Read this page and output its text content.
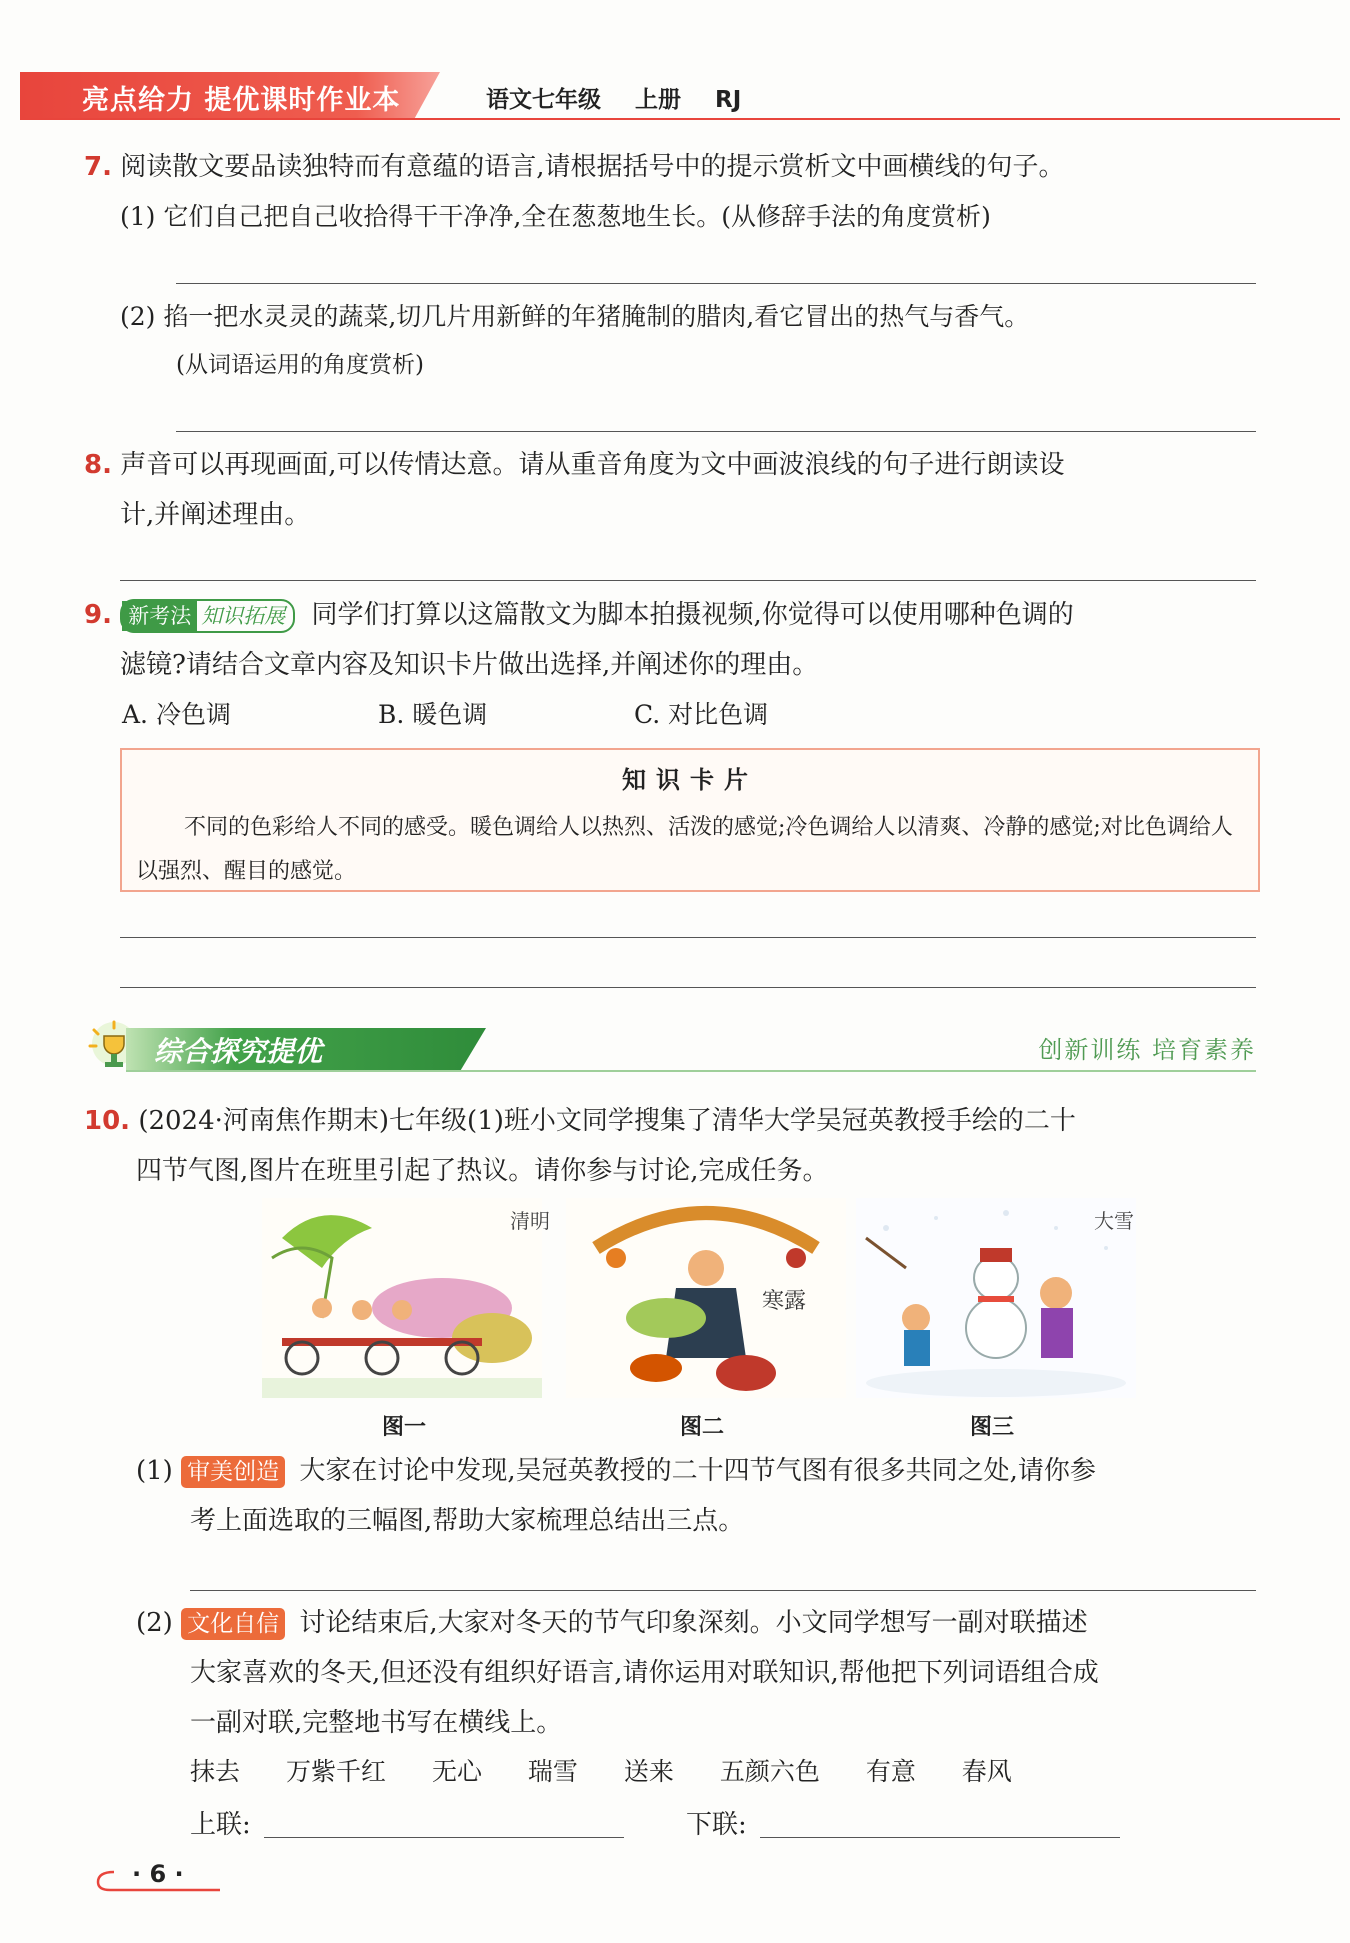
亮点给力 提优课时作业本	语文七年级 上册 RJ
7. 阅读散文要品读独特而有意蕴的语言,请根据括号中的提示赏析文中画横线的句子。
(1) 它们自己把自己收拾得干干净净,全在葱葱地生长。(从修辞手法的角度赏析)
(2) 掐一把水灵灵的蔬菜,切几片用新鲜的年猪腌制的腊肉,看它冒出的热气与香气。
(从词语运用的角度赏析)
8. 声音可以再现画面,可以传情达意。请从重音角度为文中画波浪线的句子进行朗读设
计,并阐述理由。
9. 新考法 知识拓展 同学们打算以这篇散文为脚本拍摄视频,你觉得可以使用哪种色调的
滤镜?请结合文章内容及知识卡片做出选择,并阐述你的理由。
A. 冷色调	B. 暖色调	C. 对比色调
知识卡片
不同的色彩给人不同的感受。暖色调给人以热烈、活泼的感觉;冷色调给人以清爽、冷静的感觉;对比色调给人以强烈、醒目的感觉。
综合探究提优	创新训练 培育素养
10. (2024·河南焦作期末)七年级(1)班小文同学搜集了清华大学吴冠英教授手绘的二十
四节气图,图片在班里引起了热议。请你参与讨论,完成任务。
清明
图一
寒露
图二
大雪
图三
(1) 审美创造 大家在讨论中发现,吴冠英教授的二十四节气图有很多共同之处,请你参
考上面选取的三幅图,帮助大家梳理总结出三点。
(2) 文化自信 讨论结束后,大家对冬天的节气印象深刻。小文同学想写一副对联描述
大家喜欢的冬天,但还没有组织好语言,请你运用对联知识,帮他把下列词语组合成
一副对联,完整地书写在横线上。
抹去 万紫千红 无心 瑞雪 送来 五颜六色 有意 春风
上联:	下联:
· 6 ·
